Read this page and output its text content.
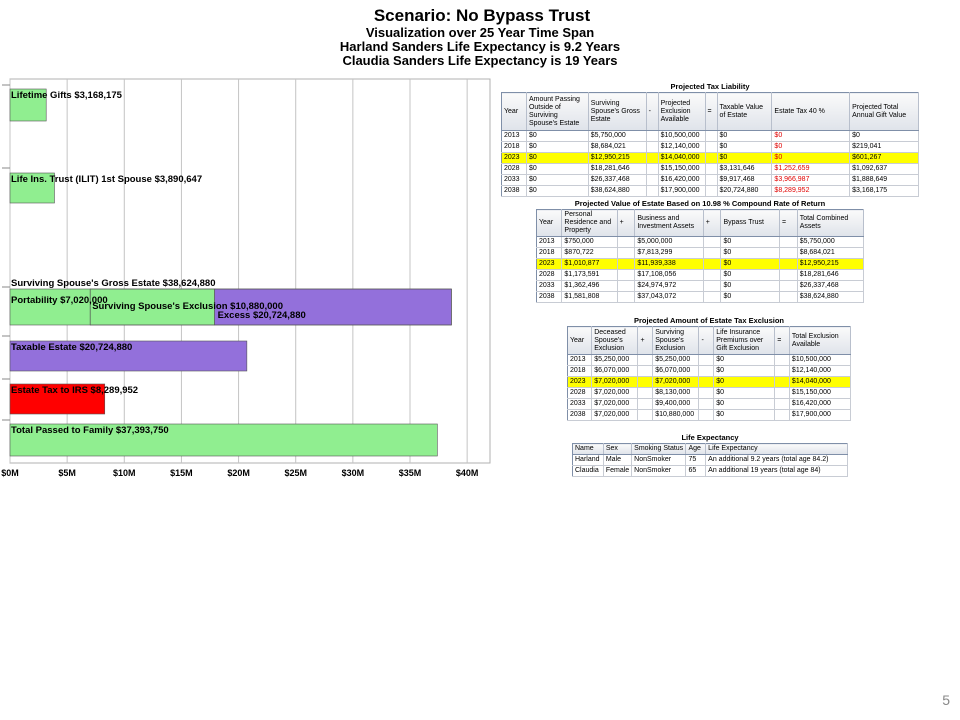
Scenario: No Bypass Trust
Visualization over 25 Year Time Span
Harland Sanders Life Expectancy is 9.2 Years
Claudia Sanders Life Expectancy is 19 Years
$0M	$5M	$10M	$15M	$20M	$25M	$30M	$35M	$40M
Lifetime Gifts $3,168,175
Life Ins. Trust (ILIT) 1st Spouse $3,890,647
Surviving Spouse's Gross Estate $38,624,880
Portability $7,020,000
Surviving Spouse's Exclusion $10,880,000
Excess $20,724,880
Taxable Estate $20,724,880
Estate Tax to IRS $8,289,952
Total Passed to Family $37,393,750
Projected Tax Liability
Year	Amount Passing Outside of Surviving Spouse's Estate	Surviving Spouse's Gross Estate	-	Projected Exclusion Available	=	Taxable Value of Estate	Estate Tax 40 %	Projected Total Annual Gift Value
2013	$0	$5,750,000		$10,500,000		$0	$0	$0
2018	$0	$8,684,021		$12,140,000		$0	$0	$219,041
2023	$0	$12,950,215		$14,040,000		$0	$0	$601,267
2028	$0	$18,281,646		$15,150,000		$3,131,646	$1,252,659	$1,092,637
2033	$0	$26,337,468		$16,420,000		$9,917,468	$3,966,987	$1,888,649
2038	$0	$38,624,880		$17,900,000		$20,724,880	$8,289,952	$3,168,175
Projected Value of Estate Based on 10.98 % Compound Rate of Return
Year	Personal Residence and Property	+	Business and Investment Assets	+	Bypass Trust	=	Total Combined Assets
2013	$750,000		$5,000,000		$0		$5,750,000
2018	$870,722		$7,813,299		$0		$8,684,021
2023	$1,010,877		$11,939,338		$0		$12,950,215
2028	$1,173,591		$17,108,056		$0		$18,281,646
2033	$1,362,496		$24,974,972		$0		$26,337,468
2038	$1,581,808		$37,043,072		$0		$38,624,880
Projected Amount of Estate Tax Exclusion
Year	Deceased Spouse's Exclusion	+	Surviving Spouse's Exclusion	-	Life Insurance Premiums over Gift Exclusion	=	Total Exclusion Available
2013	$5,250,000		$5,250,000		$0		$10,500,000
2018	$6,070,000		$6,070,000		$0		$12,140,000
2023	$7,020,000		$7,020,000		$0		$14,040,000
2028	$7,020,000		$8,130,000		$0		$15,150,000
2033	$7,020,000		$9,400,000		$0		$16,420,000
2038	$7,020,000		$10,880,000		$0		$17,900,000
Life Expectancy
Name	Sex	Smoking Status	Age	Life Expectancy
Harland	Male	NonSmoker	75	An additional 9.2 years (total age 84.2)
Claudia	Female	NonSmoker	65	An additional 19 years (total age 84)
5
